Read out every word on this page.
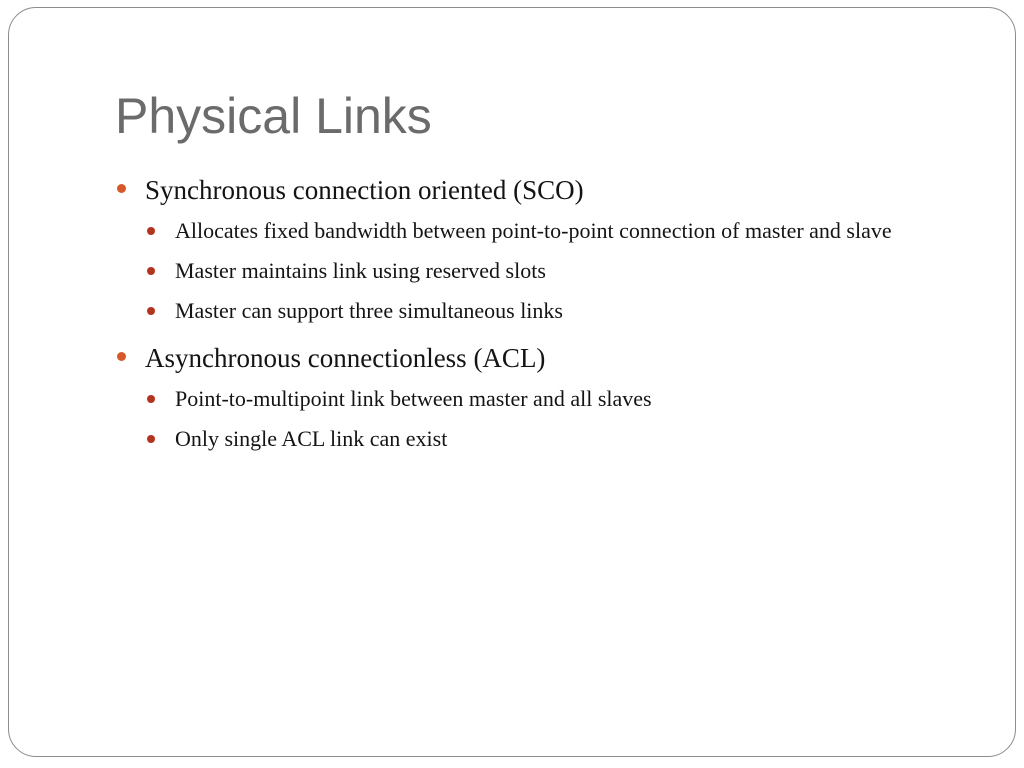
Physical Links
Synchronous connection oriented (SCO)
Allocates fixed bandwidth between point-to-point connection of master and slave
Master maintains link using reserved slots
Master can support three simultaneous links
Asynchronous connectionless (ACL)
Point-to-multipoint link between master and all slaves
Only single ACL link can exist
